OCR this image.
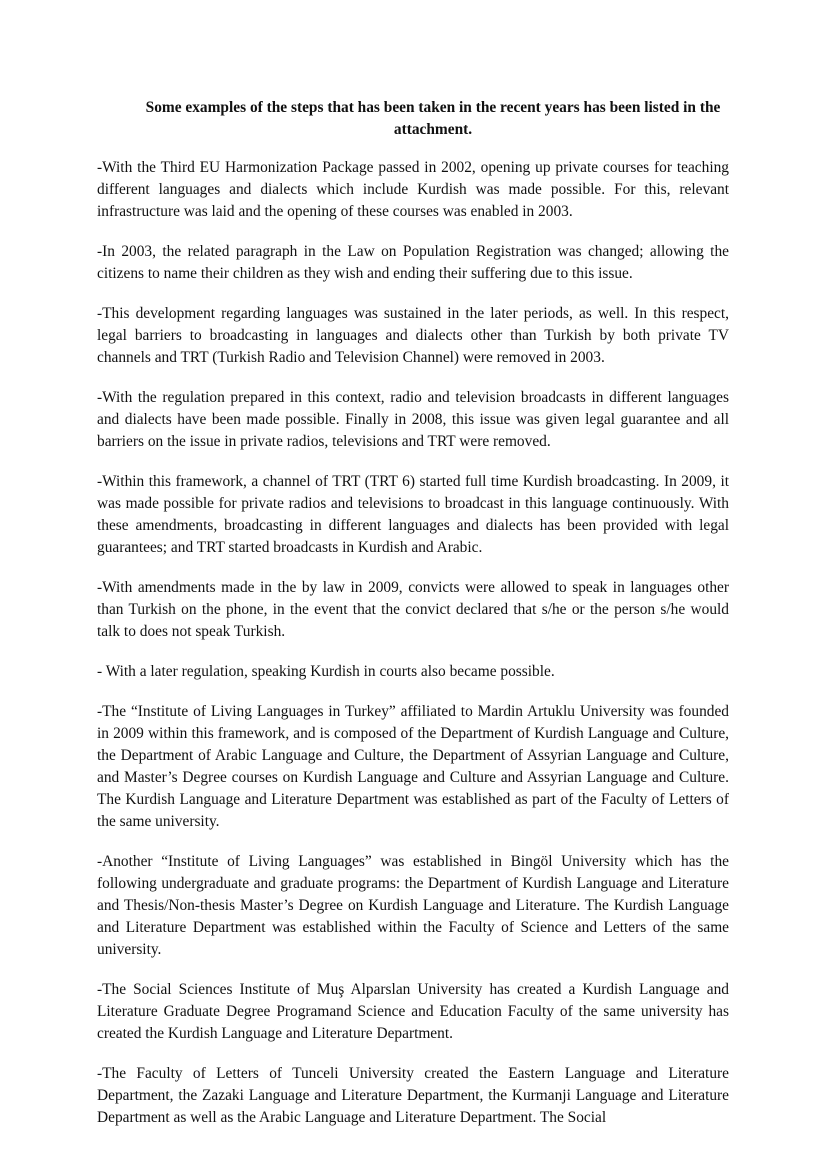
Some examples of the steps that has been taken in the recent years has been listed in the attachment.

-With the Third EU Harmonization Package passed in 2002, opening up private courses for teaching different languages and dialects which include Kurdish was made possible. For this, relevant infrastructure was laid and the opening of these courses was enabled in 2003.

-In 2003, the related paragraph in the Law on Population Registration was changed; allowing the citizens to name their children as they wish and ending their suffering due to this issue.

-This development regarding languages was sustained in the later periods, as well. In this respect, legal barriers to broadcasting in languages and dialects other than Turkish by both private TV channels and TRT (Turkish Radio and Television Channel) were removed in 2003.

-With the regulation prepared in this context, radio and television broadcasts in different languages and dialects have been made possible. Finally in 2008, this issue was given legal guarantee and all barriers on the issue in private radios, televisions and TRT were removed.

-Within this framework, a channel of TRT (TRT 6) started full time Kurdish broadcasting. In 2009, it was made possible for private radios and televisions to broadcast in this language continuously. With these amendments, broadcasting in different languages and dialects has been provided with legal guarantees; and TRT started broadcasts in Kurdish and Arabic.

-With amendments made in the by law in 2009, convicts were allowed to speak in languages other than Turkish on the phone, in the event that the convict declared that s/he or the person s/he would talk to does not speak Turkish.

- With a later regulation, speaking Kurdish in courts also became possible.

-The “Institute of Living Languages in Turkey” affiliated to Mardin Artuklu University was founded in 2009 within this framework, and is composed of the Department of Kurdish Language and Culture, the Department of Arabic Language and Culture, the Department of Assyrian Language and Culture, and Master’s Degree courses on Kurdish Language and Culture and Assyrian Language and Culture. The Kurdish Language and Literature Department was established as part of the Faculty of Letters of the same university.

-Another “Institute of Living Languages” was established in Bingöl University which has the following undergraduate and graduate programs: the Department of Kurdish Language and Literature and Thesis/Non-thesis Master’s Degree on Kurdish Language and Literature. The Kurdish Language and Literature Department was established within the Faculty of Science and Letters of the same university.

-The Social Sciences Institute of Muş Alparslan University has created a Kurdish Language and Literature Graduate Degree Programand Science and Education Faculty of the same university has created the Kurdish Language and Literature Department.

-The Faculty of Letters of Tunceli University created the Eastern Language and Literature Department, the Zazaki Language and Literature Department, the Kurmanji Language and Literature Department as well as the Arabic Language and Literature Department. The Social
